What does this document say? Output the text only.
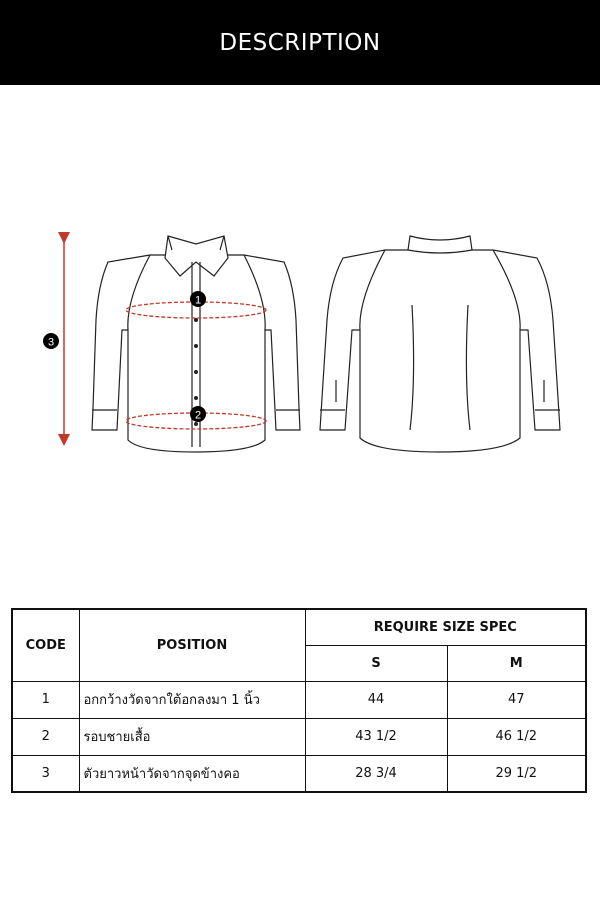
DESCRIPTION
1
2
3
CODE	POSITION	REQUIRE SIZE SPEC	
		S	M
1	อกกว้างวัดจากใต้อกลงมา 1 นิ้ว	44	47
2	รอบชายเสื้อ	43 1/2	46 1/2
3	ตัวยาวหน้าวัดจากจุดข้างคอ	28 3/4	29 1/2
